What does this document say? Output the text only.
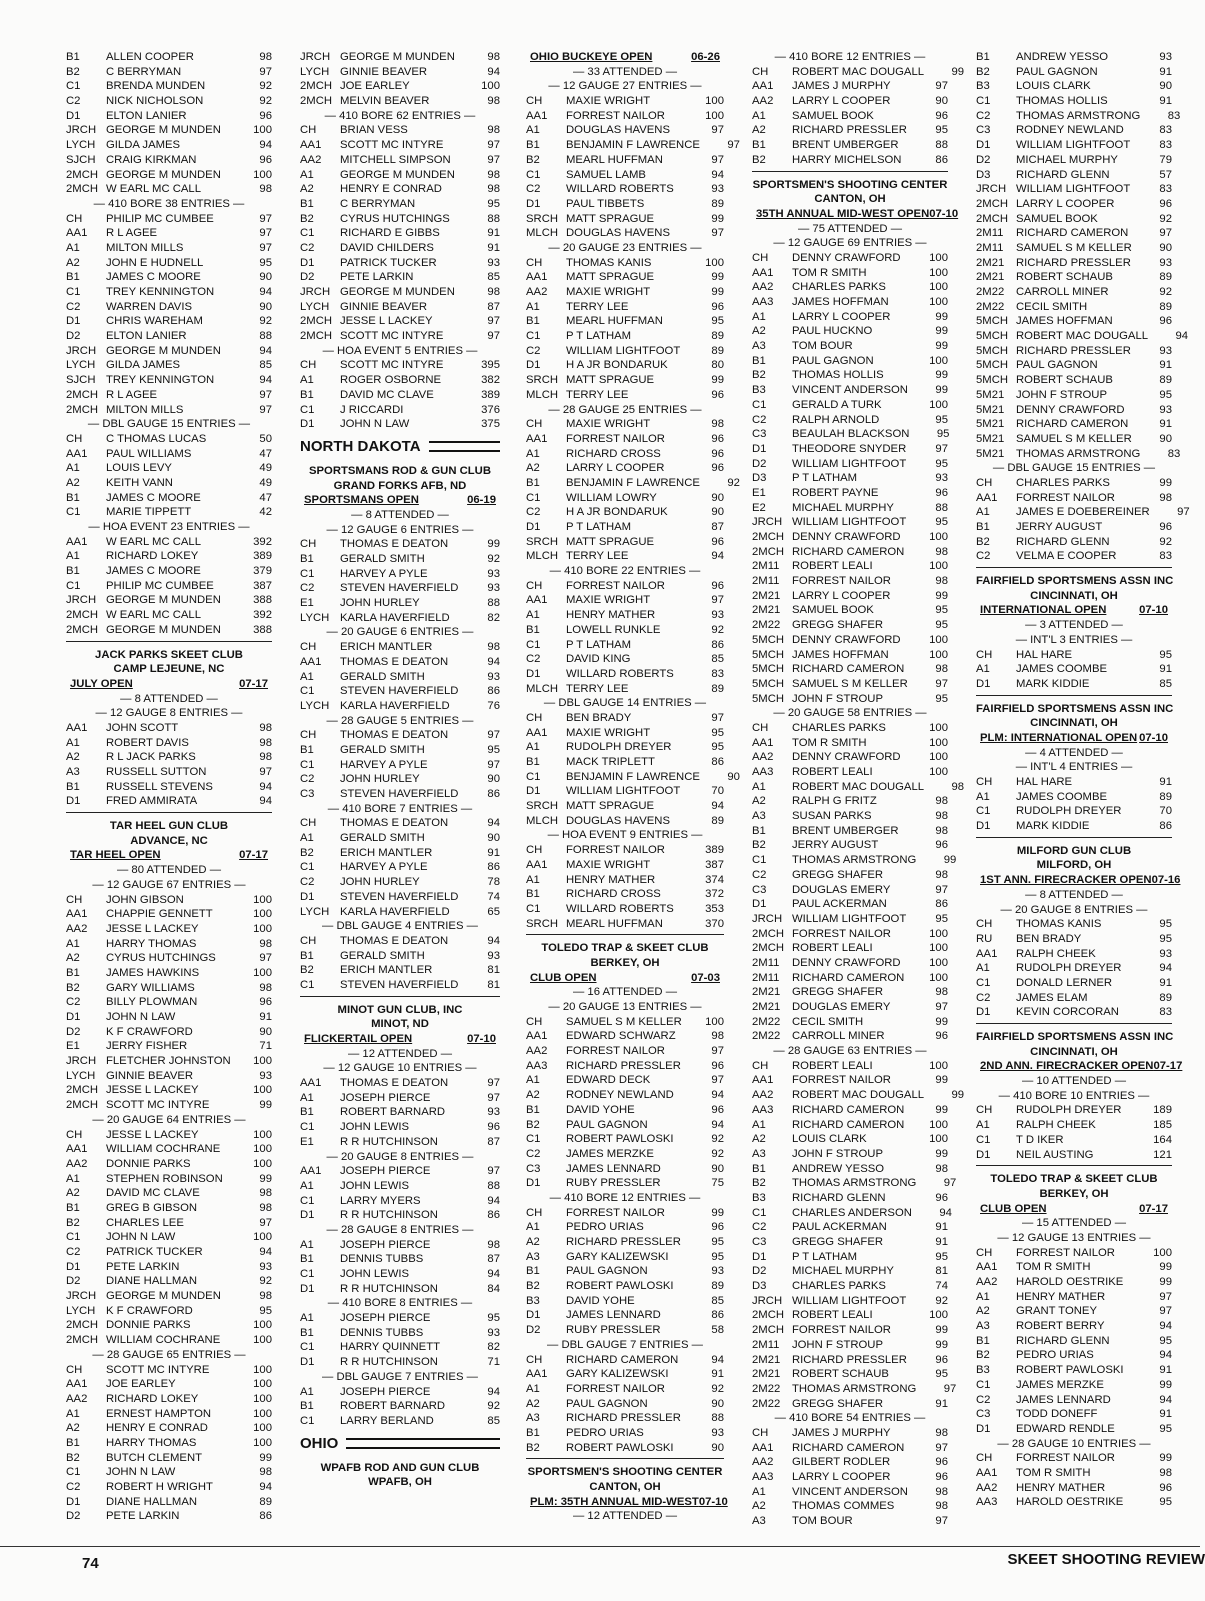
B1	ALLEN COOPER	98
B2	C BERRYMAN	97
C1	BRENDA MUNDEN	92
C2	NICK NICHOLSON	92
D1	ELTON LANIER	96
JRCH GEORGE M MUNDEN	100
LYCH GILDA JAMES	94
SJCH CRAIG KIRKMAN	96
2MCH GEORGE M MUNDEN	100
2MCH W EARL MC CALL	98
— 410 BORE 38 ENTRIES —
CH	PHILIP MC CUMBEE	97
AA1	R L AGEE	97
A1	MILTON MILLS	97
A2	JOHN E HUDNELL	95
B1	JAMES C MOORE	90
C1	TREY KENNINGTON	94
C2	WARREN DAVIS	90
D1	CHRIS WAREHAM	92
D2	ELTON LANIER	88
JRCH GEORGE M MUNDEN	94
LYCH GILDA JAMES	85
SJCH TREY KENNINGTON	94
2MCH R L AGEE	97
2MCH MILTON MILLS	97
— DBL GAUGE 15 ENTRIES —
CH	C THOMAS LUCAS	50
AA1	PAUL WILLIAMS	47
A1	LOUIS LEVY	49
A2	KEITH VANN	49
B1	JAMES C MOORE	47
C1	MARIE TIPPETT	42
— HOA EVENT 23 ENTRIES —
AA1	W EARL MC CALL	392
A1	RICHARD LOKEY	389
B1	JAMES C MOORE	379
C1	PHILIP MC CUMBEE	387
JRCH GEORGE M MUNDEN	388
2MCH W EARL MC CALL	392
2MCH GEORGE M MUNDEN	388
JACK PARKS SKEET CLUB
CAMP LEJEUNE, NC
JULY OPEN	07-17
— 8 ATTENDED —
— 12 GAUGE 8 ENTRIES —
AA1	JOHN SCOTT	98
A1	ROBERT DAVIS	98
A2	R L JACK PARKS	98
A3	RUSSELL SUTTON	97
B1	RUSSELL STEVENS	94
D1	FRED AMMIRATA	94
TAR HEEL GUN CLUB
ADVANCE, NC
TAR HEEL OPEN	07-17
— 80 ATTENDED —
— 12 GAUGE 67 ENTRIES —
CH	JOHN GIBSON	100
AA1	CHAPPIE GENNETT	100
AA2	JESSE L LACKEY	100
A1	HARRY THOMAS	98
A2	CYRUS HUTCHINGS	97
B1	JAMES HAWKINS	100
B2	GARY WILLIAMS	98
C2	BILLY PLOWMAN	96
D1	JOHN N LAW	91
D2	K F CRAWFORD	90
E1	JERRY FISHER	71
JRCH FLETCHER JOHNSTON	100
LYCH GINNIE BEAVER	93
2MCH JESSE L LACKEY	100
2MCH SCOTT MC INTYRE	99
— 20 GAUGE 64 ENTRIES —
CH	JESSE L LACKEY	100
AA1	WILLIAM COCHRANE	100
AA2	DONNIE PARKS	100
A1	STEPHEN ROBINSON	99
A2	DAVID MC CLAVE	98
B1	GREG B GIBSON	98
B2	CHARLES LEE	97
C1	JOHN N LAW	100
C2	PATRICK TUCKER	94
D1	PETE LARKIN	93
D2	DIANE HALLMAN	92
JRCH GEORGE M MUNDEN	98
LYCH K F CRAWFORD	95
2MCH DONNIE PARKS	100
2MCH WILLIAM COCHRANE	100
— 28 GAUGE 65 ENTRIES —
CH	SCOTT MC INTYRE	100
AA1	JOE EARLEY	100
AA2	RICHARD LOKEY	100
A1	ERNEST HAMPTON	100
A2	HENRY E CONRAD	100
B1	HARRY THOMAS	100
B2	BUTCH CLEMENT	99
C1	JOHN N LAW	98
C2	ROBERT H WRIGHT	94
D1	DIANE HALLMAN	89
D2	PETE LARKIN	86
JRCH GEORGE M MUNDEN	98
LYCH GINNIE BEAVER	94
2MCH JOE EARLEY	100
2MCH MELVIN BEAVER	98
— 410 BORE 62 ENTRIES —
CH	BRIAN VESS	98
AA1	SCOTT MC INTYRE	97
AA2	MITCHELL SIMPSON	97
A1	GEORGE M MUNDEN	98
A2	HENRY E CONRAD	98
B1	C BERRYMAN	95
B2	CYRUS HUTCHINGS	88
C1	RICHARD E GIBBS	91
C2	DAVID CHILDERS	91
D1	PATRICK TUCKER	93
D2	PETE LARKIN	85
JRCH GEORGE M MUNDEN	98
LYCH GINNIE BEAVER	87
2MCH JESSE L LACKEY	97
2MCH SCOTT MC INTYRE	97
— HOA EVENT 5 ENTRIES —
CH	SCOTT MC INTYRE	395
A1	ROGER OSBORNE	382
B1	DAVID MC CLAVE	389
C1	J RICCARDI	376
D1	JOHN N LAW	375
NORTH DAKOTA
SPORTSMANS ROD & GUN CLUB
GRAND FORKS AFB, ND
SPORTSMANS OPEN	06-19
— 8 ATTENDED —
— 12 GAUGE 6 ENTRIES —
CH	THOMAS E DEATON	99
B1	GERALD SMITH	92
C1	HARVEY A PYLE	93
C2	STEVEN HAVERFIELD	93
E1	JOHN HURLEY	88
LYCH KARLA HAVERFIELD	82
— 20 GAUGE 6 ENTRIES —
CH	ERICH MANTLER	98
AA1	THOMAS E DEATON	94
A1	GERALD SMITH	93
C1	STEVEN HAVERFIELD	86
LYCH KARLA HAVERFIELD	76
— 28 GAUGE 5 ENTRIES —
CH	THOMAS E DEATON	97
B1	GERALD SMITH	95
C1	HARVEY A PYLE	97
C2	JOHN HURLEY	90
C3	STEVEN HAVERFIELD	86
— 410 BORE 7 ENTRIES —
CH	THOMAS E DEATON	94
A1	GERALD SMITH	90
B2	ERICH MANTLER	91
C1	HARVEY A PYLE	86
C2	JOHN HURLEY	78
D1	STEVEN HAVERFIELD	74
LYCH KARLA HAVERFIELD	65
— DBL GAUGE 4 ENTRIES —
CH	THOMAS E DEATON	94
B1	GERALD SMITH	93
B2	ERICH MANTLER	81
C1	STEVEN HAVERFIELD	81
MINOT GUN CLUB, INC
MINOT, ND
FLICKERTAIL OPEN	07-10
— 12 ATTENDED —
— 12 GAUGE 10 ENTRIES —
AA1	THOMAS E DEATON	97
A1	JOSEPH PIERCE	97
B1	ROBERT BARNARD	93
C1	JOHN LEWIS	96
E1	R R HUTCHINSON	87
— 20 GAUGE 8 ENTRIES —
AA1	JOSEPH PIERCE	97
A1	JOHN LEWIS	88
C1	LARRY MYERS	94
D1	R R HUTCHINSON	86
— 28 GAUGE 8 ENTRIES —
A1	JOSEPH PIERCE	98
B1	DENNIS TUBBS	87
C1	JOHN LEWIS	94
D1	R R HUTCHINSON	84
— 410 BORE 8 ENTRIES —
A1	JOSEPH PIERCE	95
B1	DENNIS TUBBS	93
C1	HARRY QUINNETT	82
D1	R R HUTCHINSON	71
— DBL GAUGE 7 ENTRIES —
A1	JOSEPH PIERCE	94
B1	ROBERT BARNARD	92
C1	LARRY BERLAND	85
OHIO
WPAFB ROD AND GUN CLUB
WPAFB, OH
OHIO BUCKEYE OPEN	06-26
— 33 ATTENDED —
— 12 GAUGE 27 ENTRIES —
CH	MAXIE WRIGHT	100
AA1	FORREST NAILOR	100
A1	DOUGLAS HAVENS	97
B1	BENJAMIN F LAWRENCE	97
B2	MEARL HUFFMAN	97
C1	SAMUEL LAMB	94
C2	WILLARD ROBERTS	93
D1	PAUL TIBBETS	89
SRCH MATT SPRAGUE	99
MLCH DOUGLAS HAVENS	97
— 20 GAUGE 23 ENTRIES —
CH	THOMAS KANIS	100
AA1	MATT SPRAGUE	99
AA2	MAXIE WRIGHT	99
A1	TERRY LEE	96
B1	MEARL HUFFMAN	95
C1	P T LATHAM	89
C2	WILLIAM LIGHTFOOT	89
D1	H A JR BONDARUK	80
SRCH MATT SPRAGUE	99
MLCH TERRY LEE	96
— 28 GAUGE 25 ENTRIES —
CH	MAXIE WRIGHT	98
AA1	FORREST NAILOR	96
A1	RICHARD CROSS	96
A2	LARRY L COOPER	96
B1	BENJAMIN F LAWRENCE	92
C1	WILLIAM LOWRY	90
C2	H A JR BONDARUK	90
D1	P T LATHAM	87
SRCH MATT SPRAGUE	96
MLCH TERRY LEE	94
— 410 BORE 22 ENTRIES —
CH	FORREST NAILOR	96
AA1	MAXIE WRIGHT	97
A1	HENRY MATHER	93
B1	LOWELL RUNKLE	92
C1	P T LATHAM	86
C2	DAVID KING	85
D1	WILLARD ROBERTS	83
MLCH TERRY LEE	89
— DBL GAUGE 14 ENTRIES —
CH	BEN BRADY	97
AA1	MAXIE WRIGHT	95
A1	RUDOLPH DREYER	95
B1	MACK TRIPLETT	86
C1	BENJAMIN F LAWRENCE	90
D1	WILLIAM LIGHTFOOT	70
SRCH MATT SPRAGUE	94
MLCH DOUGLAS HAVENS	89
— HOA EVENT 9 ENTRIES —
CH	FORREST NAILOR	389
AA1	MAXIE WRIGHT	387
A1	HENRY MATHER	374
B1	RICHARD CROSS	372
C1	WILLARD ROBERTS	353
SRCH MEARL HUFFMAN	370
TOLEDO TRAP & SKEET CLUB
BERKEY, OH
CLUB OPEN	07-03
— 16 ATTENDED —
— 20 GAUGE 13 ENTRIES —
CH	SAMUEL S M KELLER	100
AA1	EDWARD SCHWARZ	98
AA2	FORREST NAILOR	97
AA3	RICHARD PRESSLER	96
A1	EDWARD DECK	97
A2	RODNEY NEWLAND	94
B1	DAVID YOHE	96
B2	PAUL GAGNON	94
C1	ROBERT PAWLOSKI	92
C2	JAMES MERZKE	92
C3	JAMES LENNARD	90
D1	RUBY PRESSLER	75
— 410 BORE 12 ENTRIES —
CH	FORREST NAILOR	99
A1	PEDRO URIAS	96
A2	RICHARD PRESSLER	95
A3	GARY KALIZEWSKI	95
B1	PAUL GAGNON	93
B2	ROBERT PAWLOSKI	89
B3	DAVID YOHE	85
D1	JAMES LENNARD	86
D2	RUBY PRESSLER	58
— DBL GAUGE 7 ENTRIES —
CH	RICHARD CAMERON	94
AA1	GARY KALIZEWSKI	91
A1	FORREST NAILOR	92
A2	PAUL GAGNON	90
A3	RICHARD PRESSLER	88
B1	PEDRO URIAS	93
B2	ROBERT PAWLOSKI	90
SPORTSMEN'S SHOOTING CENTER
CANTON, OH
PLM: 35TH ANNUAL MID-WEST 07-10
— 12 ATTENDED —
— 410 BORE 12 ENTRIES —
CH	ROBERT MAC DOUGALL	99
AA1	JAMES J MURPHY	97
AA2	LARRY L COOPER	90
A1	SAMUEL BOOK	96
A2	RICHARD PRESSLER	95
B1	BRENT UMBERGER	88
B2	HARRY MICHELSON	86
SPORTSMEN'S SHOOTING CENTER
CANTON, OH
35TH ANNUAL MID-WEST OPEN 07-10
— 75 ATTENDED —
— 12 GAUGE 69 ENTRIES —
CH	DENNY CRAWFORD	100
AA1	TOM R SMITH	100
AA2	CHARLES PARKS	100
AA3	JAMES HOFFMAN	100
A1	LARRY L COOPER	99
A2	PAUL HUCKNO	99
A3	TOM BOUR	99
B1	PAUL GAGNON	100
B2	THOMAS HOLLIS	99
B3	VINCENT ANDERSON	99
C1	GERALD A TURK	100
C2	RALPH ARNOLD	95
C3	BEAULAH BLACKSON	95
D1	THEODORE SNYDER	97
D2	WILLIAM LIGHTFOOT	95
D3	P T LATHAM	93
E1	ROBERT PAYNE	96
E2	MICHAEL MURPHY	88
JRCH WILLIAM LIGHTFOOT	95
2MCH DENNY CRAWFORD	100
2MCH RICHARD CAMERON	98
2M11	ROBERT LEALI	100
2M11	FORREST NAILOR	98
2M21	LARRY L COOPER	99
2M21	SAMUEL BOOK	95
2M22	GREGG SHAFER	95
5MCH DENNY CRAWFORD	100
5MCH JAMES HOFFMAN	100
5MCH RICHARD CAMERON	98
5MCH SAMUEL S M KELLER	97
5MCH JOHN F STROUP	95
— 20 GAUGE 58 ENTRIES —
CH	CHARLES PARKS	100
AA1	TOM R SMITH	100
AA2	DENNY CRAWFORD	100
AA3	ROBERT LEALI	100
A1	ROBERT MAC DOUGALL	98
A2	RALPH G FRITZ	98
A3	SUSAN PARKS	98
B1	BRENT UMBERGER	98
B2	JERRY AUGUST	96
C1	THOMAS ARMSTRONG	99
C2	GREGG SHAFER	98
C3	DOUGLAS EMERY	97
D1	PAUL ACKERMAN	86
JRCH WILLIAM LIGHTFOOT	95
2MCH FORREST NAILOR	100
2MCH ROBERT LEALI	100
2M11	DENNY CRAWFORD	100
2M11	RICHARD CAMERON	100
2M21	GREGG SHAFER	98
2M21	DOUGLAS EMERY	97
2M22	CECIL SMITH	99
2M22	CARROLL MINER	96
— 28 GAUGE 63 ENTRIES —
CH	ROBERT LEALI	100
AA1	FORREST NAILOR	99
AA2	ROBERT MAC DOUGALL	99
AA3	RICHARD CAMERON	99
A1	RICHARD CAMERON	100
A2	LOUIS CLARK	100
A3	JOHN F STROUP	99
B1	ANDREW YESSO	98
B2	THOMAS ARMSTRONG	97
B3	RICHARD GLENN	96
C1	CHARLES ANDERSON	94
C2	PAUL ACKERMAN	91
C3	GREGG SHAFER	91
D1	P T LATHAM	95
D2	MICHAEL MURPHY	81
D3	CHARLES PARKS	74
JRCH WILLIAM LIGHTFOOT	92
2MCH ROBERT LEALI	100
2MCH FORREST NAILOR	99
2M11	JOHN F STROUP	99
2M21	RICHARD PRESSLER	96
2M21	ROBERT SCHAUB	95
2M22	THOMAS ARMSTRONG	97
2M22	GREGG SHAFER	91
— 410 BORE 54 ENTRIES —
CH	JAMES J MURPHY	98
AA1	RICHARD CAMERON	97
AA2	GILBERT RODLER	96
AA3	LARRY L COOPER	96
A1	VINCENT ANDERSON	98
A2	THOMAS COMMES	98
A3	TOM BOUR	97
B1	ANDREW YESSO	93
B2	PAUL GAGNON	91
B3	LOUIS CLARK	90
C1	THOMAS HOLLIS	91
C2	THOMAS ARMSTRONG	83
C3	RODNEY NEWLAND	83
D1	WILLIAM LIGHTFOOT	83
D2	MICHAEL MURPHY	79
D3	RICHARD GLENN	57
JRCH WILLIAM LIGHTFOOT	83
2MCH LARRY L COOPER	96
2MCH SAMUEL BOOK	92
2M11	RICHARD CAMERON	97
2M11	SAMUEL S M KELLER	90
2M21	RICHARD PRESSLER	93
2M21	ROBERT SCHAUB	89
2M22	CARROLL MINER	92
2M22	CECIL SMITH	89
5MCH JAMES HOFFMAN	96
5MCH ROBERT MAC DOUGALL	94
5MCH RICHARD PRESSLER	93
5MCH PAUL GAGNON	91
5MCH ROBERT SCHAUB	89
5M21	JOHN F STROUP	95
5M21	DENNY CRAWFORD	93
5M21	RICHARD CAMERON	91
5M21	SAMUEL S M KELLER	90
5M21	THOMAS ARMSTRONG	83
— DBL GAUGE 15 ENTRIES —
CH	CHARLES PARKS	99
AA1	FORREST NAILOR	98
A1	JAMES E DOEBEREINER	97
B1	JERRY AUGUST	96
B2	RICHARD GLENN	92
C2	VELMA E COOPER	83
FAIRFIELD SPORTSMENS ASSN INC
CINCINNATI, OH
INTERNATIONAL OPEN	07-10
— 3 ATTENDED —
— INT'L 3 ENTRIES —
CH	HAL HARE	95
A1	JAMES COOMBE	91
D1	MARK KIDDIE	85
FAIRFIELD SPORTSMENS ASSN INC
CINCINNATI, OH
PLM: INTERNATIONAL OPEN 07-10
— 4 ATTENDED —
— INT'L 4 ENTRIES —
CH	HAL HARE	91
A1	JAMES COOMBE	89
C1	RUDOLPH DREYER	70
D1	MARK KIDDIE	86
MILFORD GUN CLUB
MILFORD, OH
1ST ANN. FIRECRACKER OPEN 07-16
— 8 ATTENDED —
— 20 GAUGE 8 ENTRIES —
CH	THOMAS KANIS	95
RU	BEN BRADY	95
AA1	RALPH CHEEK	93
A1	RUDOLPH DREYER	94
C1	DONALD LERNER	91
C2	JAMES ELAM	89
D1	KEVIN CORCORAN	83
FAIRFIELD SPORTSMENS ASSN INC
CINCINNATI, OH
2ND ANN. FIRECRACKER OPEN 07-17
— 10 ATTENDED —
— 410 BORE 10 ENTRIES —
CH	RUDOLPH DREYER	189
A1	RALPH CHEEK	185
C1	T D IKER	164
D1	NEIL AUSTING	121
TOLEDO TRAP & SKEET CLUB
BERKEY, OH
CLUB OPEN	07-17
— 15 ATTENDED —
— 12 GAUGE 13 ENTRIES —
CH	FORREST NAILOR	100
AA1	TOM R SMITH	99
AA2	HAROLD OESTRIKE	99
A1	HENRY MATHER	97
A2	GRANT TONEY	97
A3	ROBERT BERRY	94
B1	RICHARD GLENN	95
B2	PEDRO URIAS	94
B3	ROBERT PAWLOSKI	91
C1	JAMES MERZKE	99
C2	JAMES LENNARD	94
C3	TODD DONEFF	91
D1	EDWARD RENDLE	95
— 28 GAUGE 10 ENTRIES —
CH	FORREST NAILOR	99
AA1	TOM R SMITH	98
AA2	HENRY MATHER	96
AA3	HAROLD OESTRIKE	95
74	SKEET SHOOTING REVIEW
